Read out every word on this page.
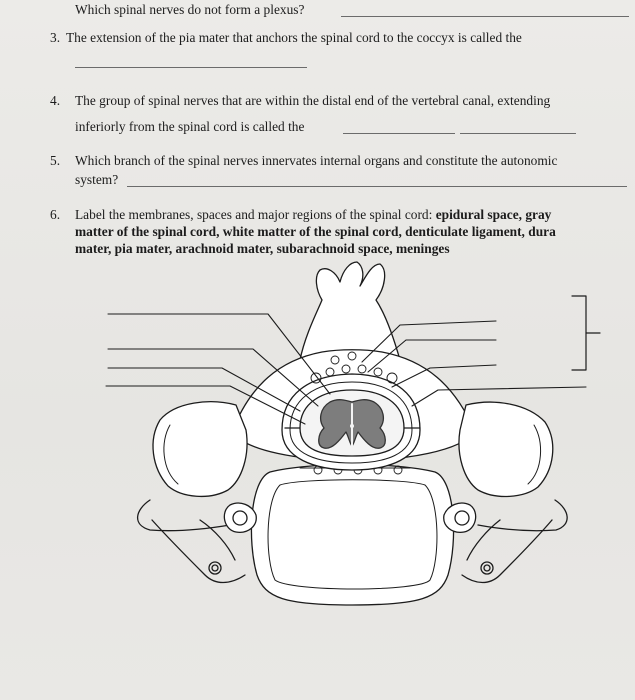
Which spinal nerves do not form a plexus?
3. The extension of the pia mater that anchors the spinal cord to the coccyx is called the
4. The group of spinal nerves that are within the distal end of the vertebral canal, extending
inferiorly from the spinal cord is called the
5. Which branch of the spinal nerves innervates internal organs and constitute the autonomic
system?
6. Label the membranes, spaces and major regions of the spinal cord: epidural space, gray
matter of the spinal cord, white matter of the spinal cord, denticulate ligament, dura
mater, pia mater, arachnoid mater, subarachnoid space, meninges
